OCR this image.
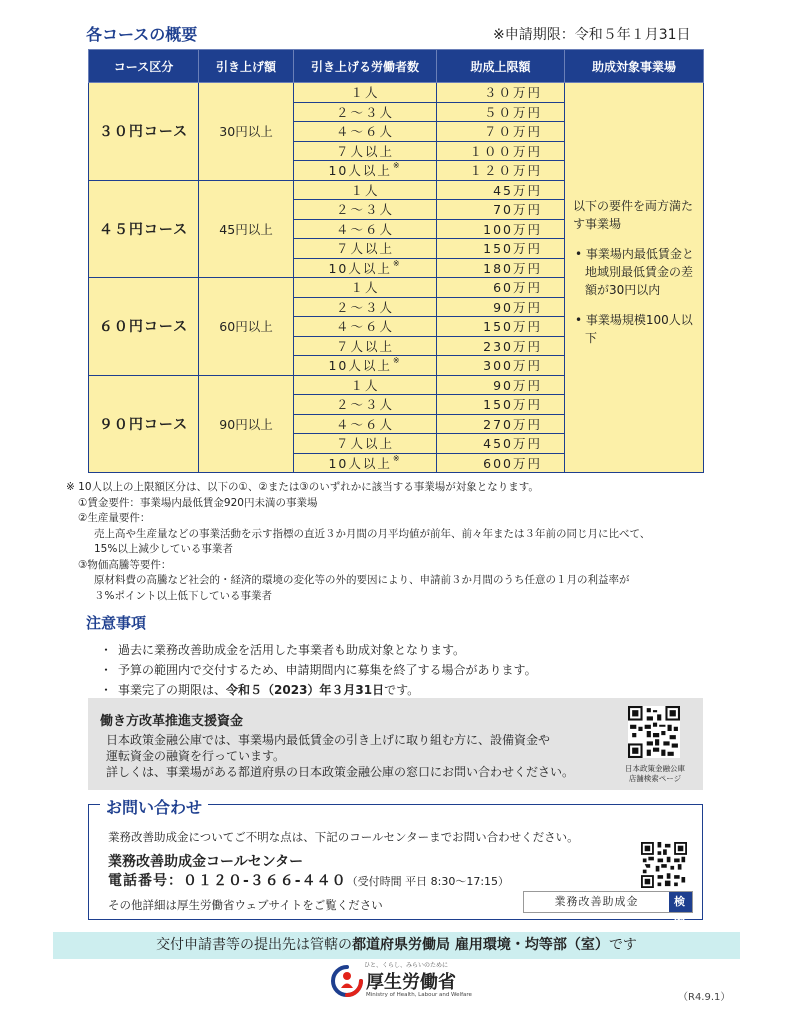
各コースの概要	※申請期限：令和５年１月31日
コース区分	引き上げ額	引き上げる労働者数	助成上限額	助成対象事業場
３０円コース	30円以上	１人	３０万円	以下の要件を両方満たす事業場
• 事業場内最低賃金と地域別最低賃金の差額が30円以内
• 事業場規模100人以下

		２～３人	５０万円	
		４～６人	７０万円	
		７人以上	１００万円	
		10人以上※	１２０万円	
４５円コース	45円以上	１人	45万円	
		２～３人	70万円	
		４～６人	100万円	
		７人以上	150万円	
		10人以上※	180万円	
６０円コース	60円以上	１人	60万円	
		２～３人	90万円	
		４～６人	150万円	
		７人以上	230万円	
		10人以上※	300万円	
９０円コース	90円以上	１人	90万円	
		２～３人	150万円	
		４～６人	270万円	
		７人以上	450万円	
		10人以上※	600万円	
※ 10人以上の上限額区分は、以下の①、②または③のいずれかに該当する事業場が対象となります。
①賃金要件：事業場内最低賃金920円未満の事業場
②生産量要件：
売上高や生産量などの事業活動を示す指標の直近３か月間の月平均値が前年、前々年または３年前の同じ月に比べて、
15%以上減少している事業者
③物価高騰等要件：
原材料費の高騰など社会的・経済的環境の変化等の外的要因により、申請前３か月間のうち任意の１月の利益率が
３%ポイント以上低下している事業者
注意事項
・ 過去に業務改善助成金を活用した事業者も助成対象となります。
・ 予算の範囲内で交付するため、申請期間内に募集を終了する場合があります。
・ 事業完了の期限は、令和５（2023）年３月31日です。
働き方改革推進支援資金
日本政策金融公庫では、事業場内最低賃金の引き上げに取り組む方に、設備資金や
運転資金の融資を行っています。
詳しくは、事業場がある都道府県の日本政策金融公庫の窓口にお問い合わせください。	日本政策金融公庫
店舗検索ページ
お問い合わせ
業務改善助成金についてご不明な点は、下記のコールセンターまでお問い合わせください。
業務改善助成金コールセンター
電話番号：０１２０-３６６-４４０（受付時間 平日 8:30～17:15）
その他詳細は厚生労働省ウェブサイトをご覧ください
業務改善助成金	検 索
交付申請書等の提出先は管轄の都道府県労働局 雇用環境・均等部（室）です
ひと、くらし、みらいのために
厚生労働省
Ministry of Health, Labour and Welfare	（R4.9.1）
